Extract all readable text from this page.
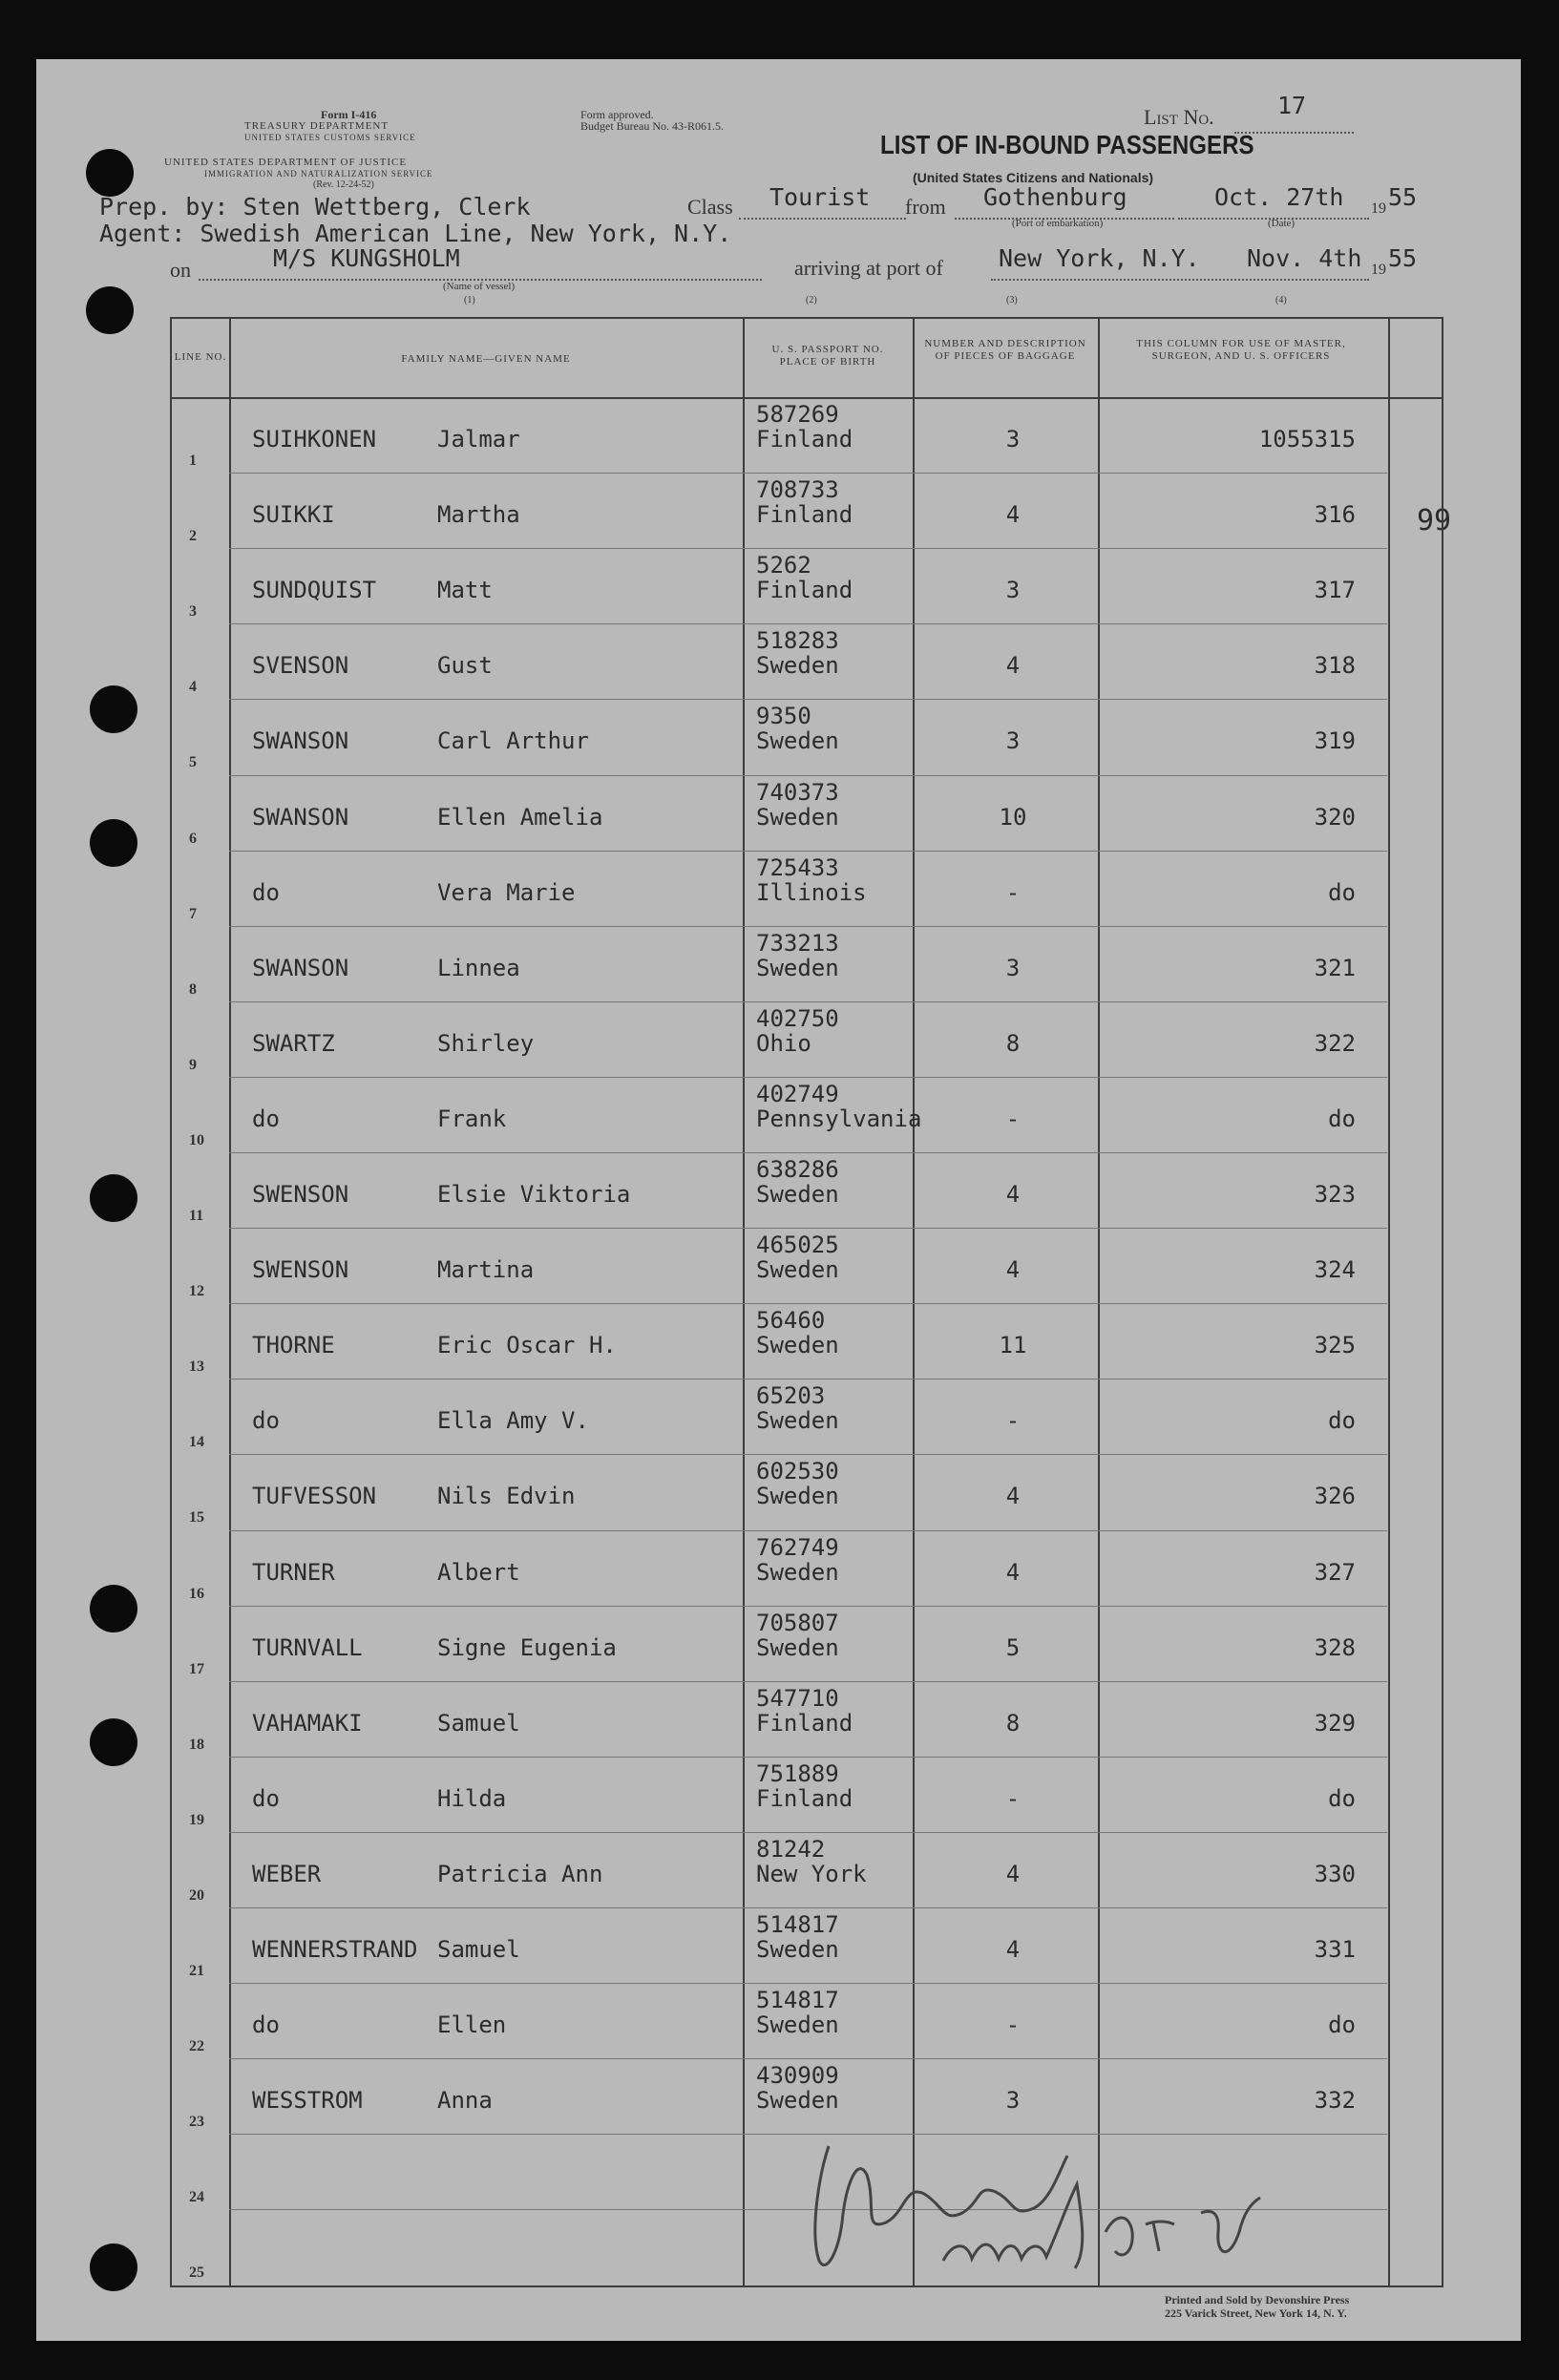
Form I-416
TREASURY DEPARTMENT
UNITED STATES CUSTOMS SERVICE
UNITED STATES DEPARTMENT OF JUSTICE
IMMIGRATION AND NATURALIZATION SERVICE
(Rev. 12-24-52)
Form approved.
Budget Bureau No. 43-R061.5.	List No.	17
LIST OF IN-BOUND PASSENGERS
(United States Citizens and Nationals)
Prep. by: Sten Wettberg, Clerk
Agent: Swedish American Line, New York, N.Y.
Class Tourist from Gothenburg
(Port of embarkation)
Oct. 27th 19 55
(Date)
on	M/S KUNGSHOLM
(Name of vessel)
(1)
arriving at port of New York, N.Y. Nov. 4th 19 55
(2)	(3)	(4)
99
LINE NO.	FAMILY NAME—GIVEN NAME
U. S. PASSPORT NO. PLACE OF BIRTH
NUMBER AND DESCRIPTION OF PIECES OF BAGGAGE
THIS COLUMN FOR USE OF MASTER, SURGEON, AND U. S. OFFICERS
1
SUIHKONEN	Jalmar
587269
Finland	3	1055315
2
SUIKKI	Martha
708733
Finland	4	316
3
SUNDQUIST	Matt
5262
Finland	3	317
4
SVENSON	Gust
518283
Sweden	4	318
5
SWANSON	Carl Arthur
9350
Sweden	3	319
6
SWANSON	Ellen Amelia
740373
Sweden	10	320
7
do	Vera Marie
725433
Illinois	-	do
8
SWANSON	Linnea
733213
Sweden	3	321
9
SWARTZ	Shirley
402750
Ohio	8	322
10
do	Frank
402749
Pennsylvania	-	do
11
SWENSON	Elsie Viktoria
638286
Sweden	4	323
12
SWENSON	Martina
465025
Sweden	4	324
13
THORNE	Eric Oscar H.
56460
Sweden	11	325
14
do	Ella Amy V.
65203
Sweden	-	do
15
TUFVESSON	Nils Edvin
602530
Sweden	4	326
16
TURNER	Albert
762749
Sweden	4	327
17
TURNVALL	Signe Eugenia
705807
Sweden	5	328
18
VAHAMAKI	Samuel
547710
Finland	8	329
19
do	Hilda
751889
Finland	-	do
20
WEBER	Patricia Ann
81242
New York	4	330
21
WENNERSTRAND Samuel
514817
Sweden	4	331
22
do	Ellen
514817
Sweden	-	do
23
WESSTROM	Anna
430909
Sweden	3	332
24
25
Printed and Sold by Devonshire Press
225 Varick Street, New York 14, N. Y.
